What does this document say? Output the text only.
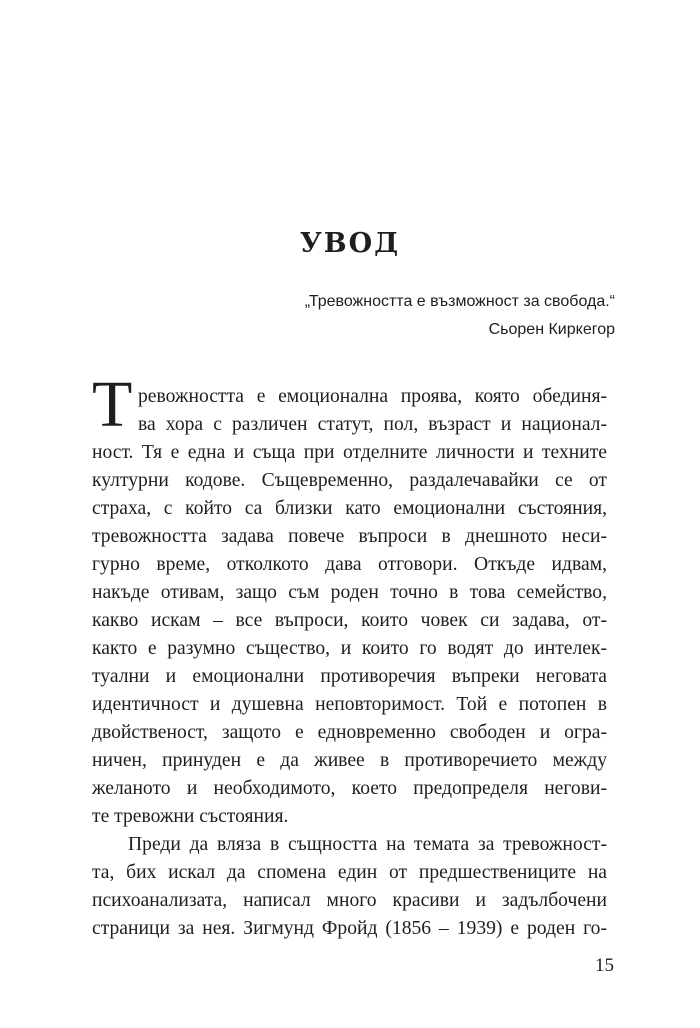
УВОД
„Тревожността е възможност за свобода.“
Сьорен Киркегор
Т ревожността е емоционална проява, която обединя-
ва хора с различен статут, пол, възраст и национал-
ност. Тя е една и съща при отделните личности и техните
културни кодове. Същевременно, раздалечавайки се от
страха, с който са близки като емоционални състояния,
тревожността задава повече въпроси в днешното неси-
гурно време, отколкото дава отговори. Откъде идвам,
накъде отивам, защо съм роден точно в това семейство,
какво искам – все въпроси, които човек си задава, от-
както е разумно същество, и които го водят до интелек-
туални и емоционални противоречия въпреки неговата
идентичност и душевна неповторимост. Той е потопен в
двойственост, защото е едновременно свободен и огра-
ничен, принуден е да живее в противоречието между
желаното и необходимото, което предопределя негови-
те тревожни състояния.
Преди да вляза в същността на темата за тревожност-
та, бих искал да спомена един от предшествениците на
психоанализата, написал много красиви и задълбочени
страници за нея. Зигмунд Фройд (1856 – 1939) е роден го-
15
